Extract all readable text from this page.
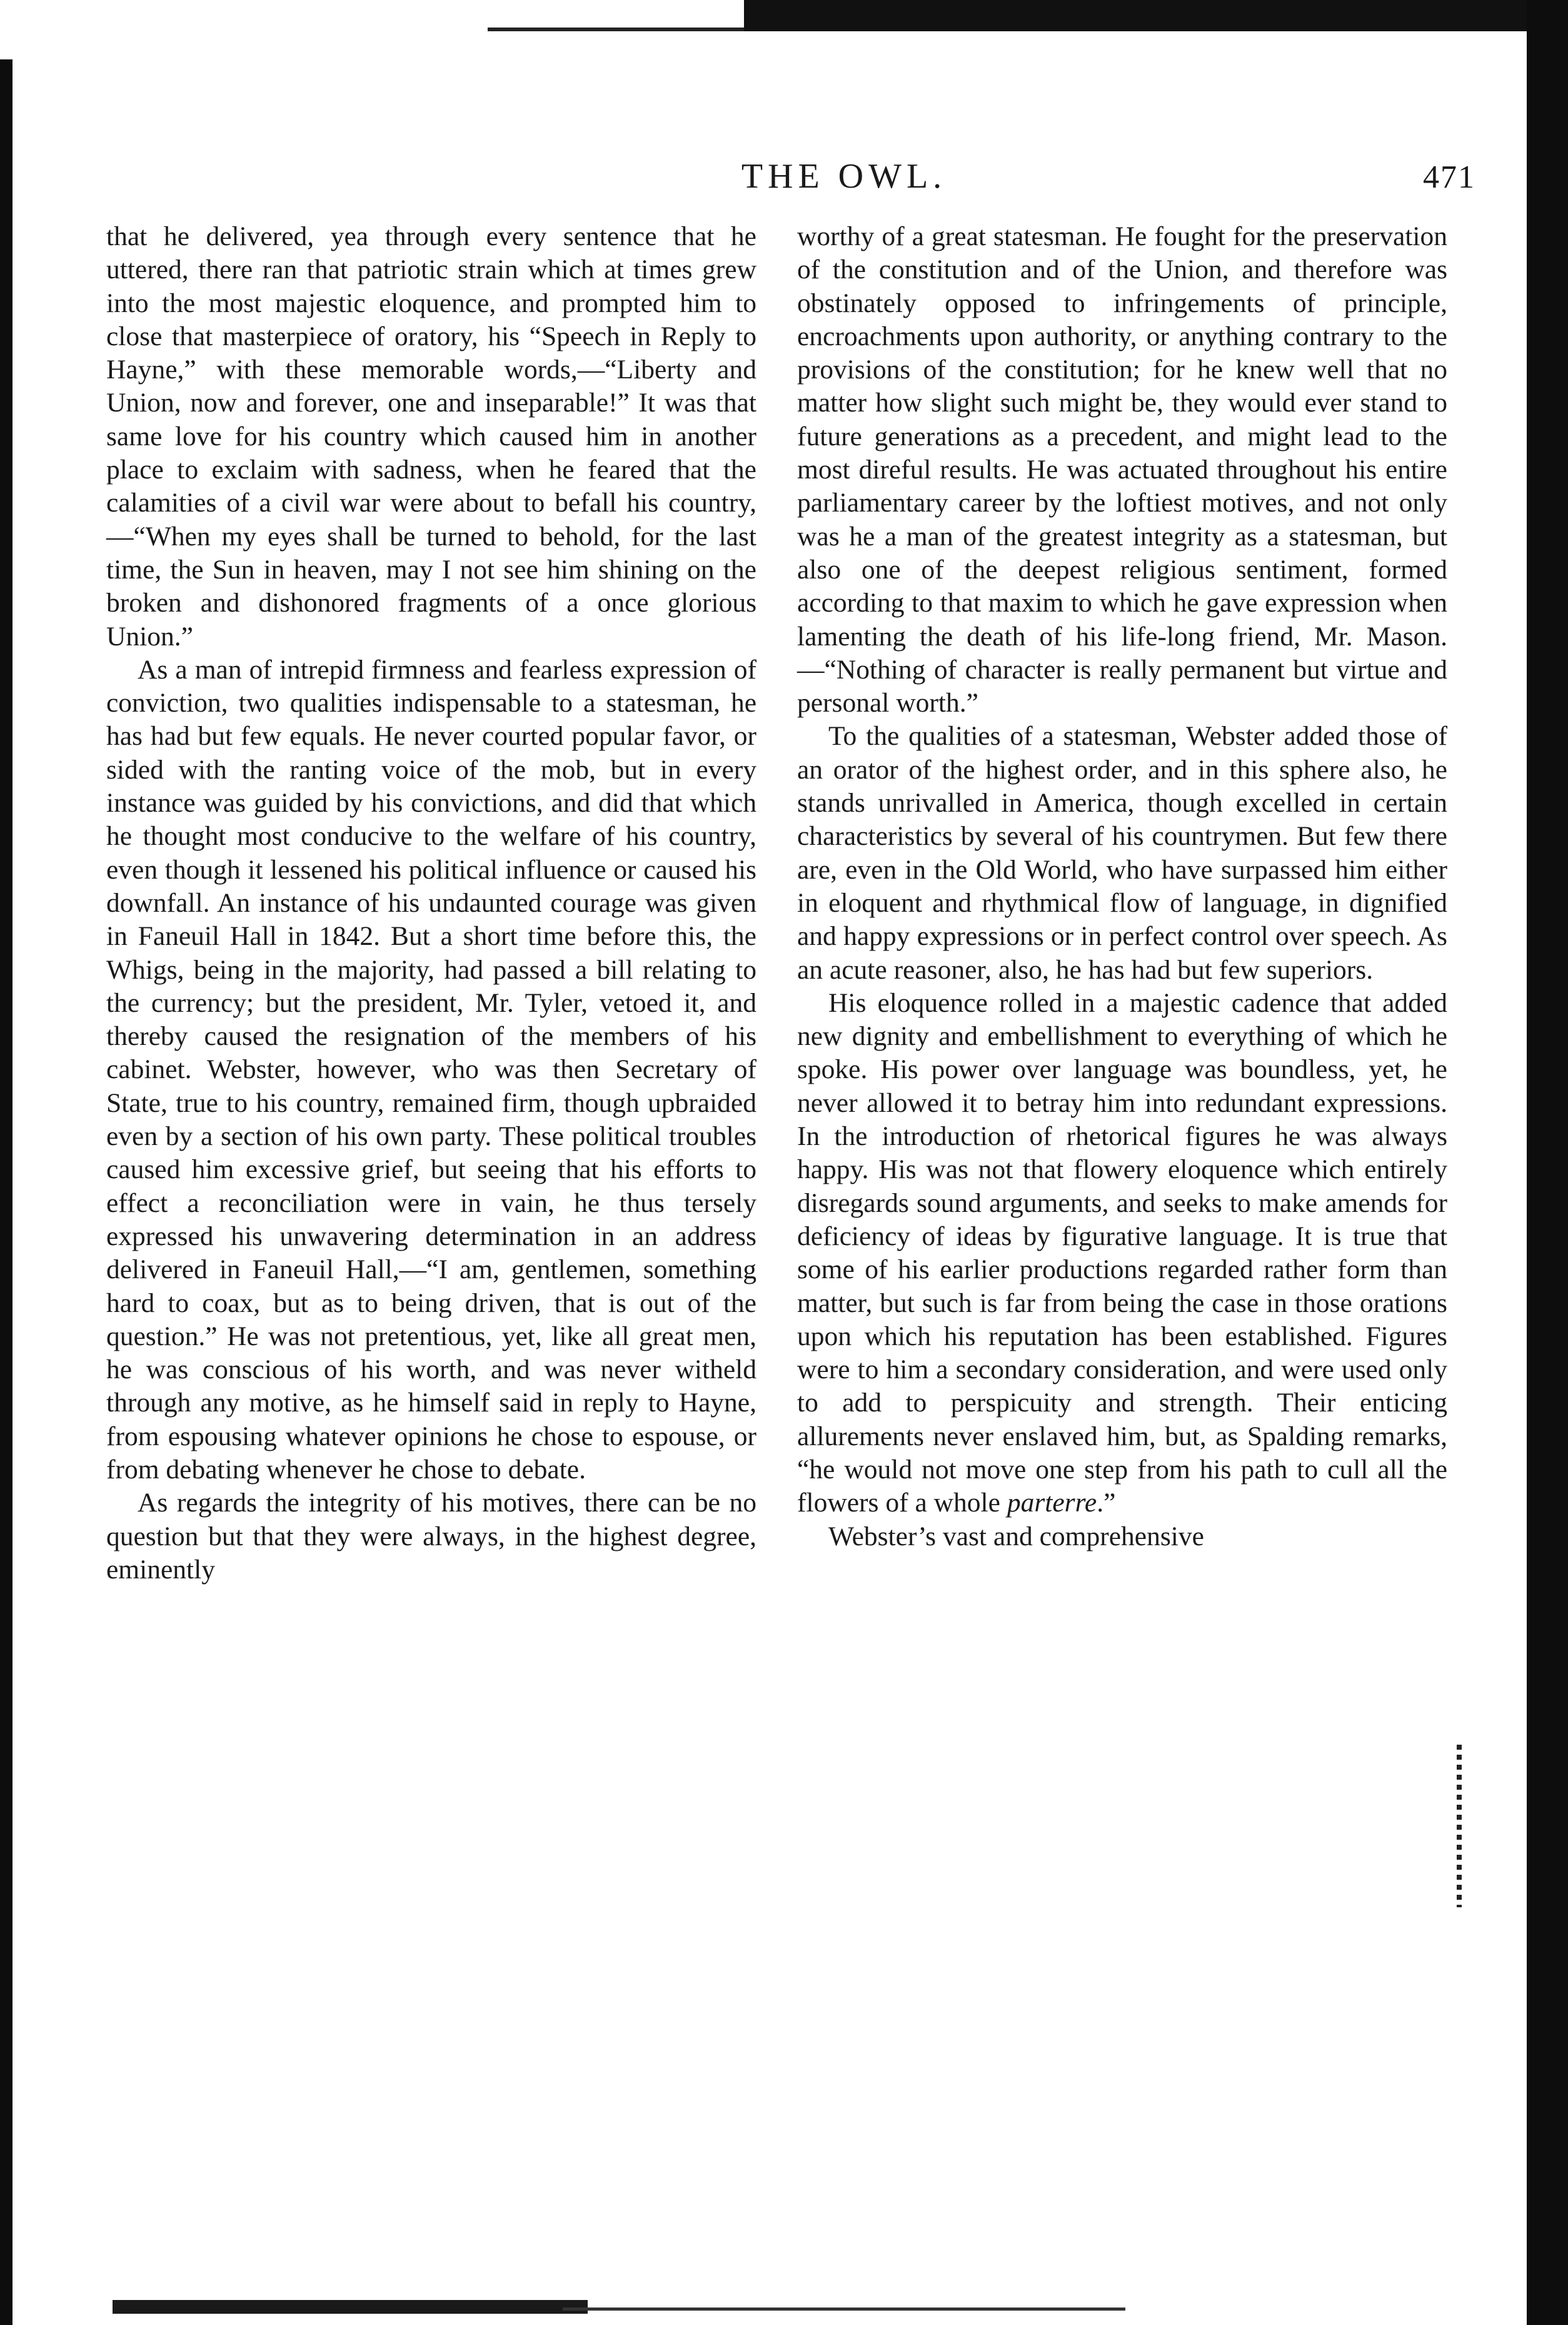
THE OWL.	471

that he delivered, yea through every sentence that he uttered, there ran that patriotic strain which at times grew into the most majestic eloquence, and prompted him to close that masterpiece of oratory, his “Speech in Reply to Hayne,” with these memorable words,—“Liberty and Union, now and forever, one and inseparable!” It was that same love for his country which caused him in another place to exclaim with sadness, when he feared that the calamities of a civil war were about to befall his country,—“When my eyes shall be turned to behold, for the last time, the Sun in heaven, may I not see him shining on the broken and dishonored fragments of a once glorious Union.”

As a man of intrepid firmness and fearless expression of conviction, two qualities indispensable to a statesman, he has had but few equals. He never courted popular favor, or sided with the ranting voice of the mob, but in every instance was guided by his convictions, and did that which he thought most conducive to the welfare of his country, even though it lessened his political influence or caused his downfall. An instance of his undaunted courage was given in Faneuil Hall in 1842. But a short time before this, the Whigs, being in the majority, had passed a bill relating to the currency; but the president, Mr. Tyler, vetoed it, and thereby caused the resignation of the members of his cabinet. Webster, however, who was then Secretary of State, true to his country, remained firm, though upbraided even by a section of his own party. These political troubles caused him excessive grief, but seeing that his efforts to effect a reconciliation were in vain, he thus tersely expressed his unwavering determination in an address delivered in Faneuil Hall,—“I am, gentlemen, something hard to coax, but as to being driven, that is out of the question.” He was not pretentious, yet, like all great men, he was conscious of his worth, and was never witheld through any motive, as he himself said in reply to Hayne, from espousing whatever opinions he chose to espouse, or from debating whenever he chose to debate.

As regards the integrity of his motives, there can be no question but that they were always, in the highest degree, eminently

worthy of a great statesman. He fought for the preservation of the constitution and of the Union, and therefore was obstinately opposed to infringements of principle, encroachments upon authority, or anything contrary to the provisions of the constitution; for he knew well that no matter how slight such might be, they would ever stand to future generations as a precedent, and might lead to the most direful results. He was actuated throughout his entire parliamentary career by the loftiest motives, and not only was he a man of the greatest integrity as a statesman, but also one of the deepest religious sentiment, formed according to that maxim to which he gave expression when lamenting the death of his life-long friend, Mr. Mason.—“Nothing of character is really permanent but virtue and personal worth.”

To the qualities of a statesman, Webster added those of an orator of the highest order, and in this sphere also, he stands unrivalled in America, though excelled in certain characteristics by several of his countrymen. But few there are, even in the Old World, who have surpassed him either in eloquent and rhythmical flow of language, in dignified and happy expressions or in perfect control over speech. As an acute reasoner, also, he has had but few superiors.

His eloquence rolled in a majestic cadence that added new dignity and embellishment to everything of which he spoke. His power over language was boundless, yet, he never allowed it to betray him into redundant expressions. In the introduction of rhetorical figures he was always happy. His was not that flowery eloquence which entirely disregards sound arguments, and seeks to make amends for deficiency of ideas by figurative language. It is true that some of his earlier productions regarded rather form than matter, but such is far from being the case in those orations upon which his reputation has been established. Figures were to him a secondary consideration, and were used only to add to perspicuity and strength. Their enticing allurements never enslaved him, but, as Spalding remarks, “he would not move one step from his path to cull all the flowers of a whole parterre.”

Webster’s vast and comprehensive
